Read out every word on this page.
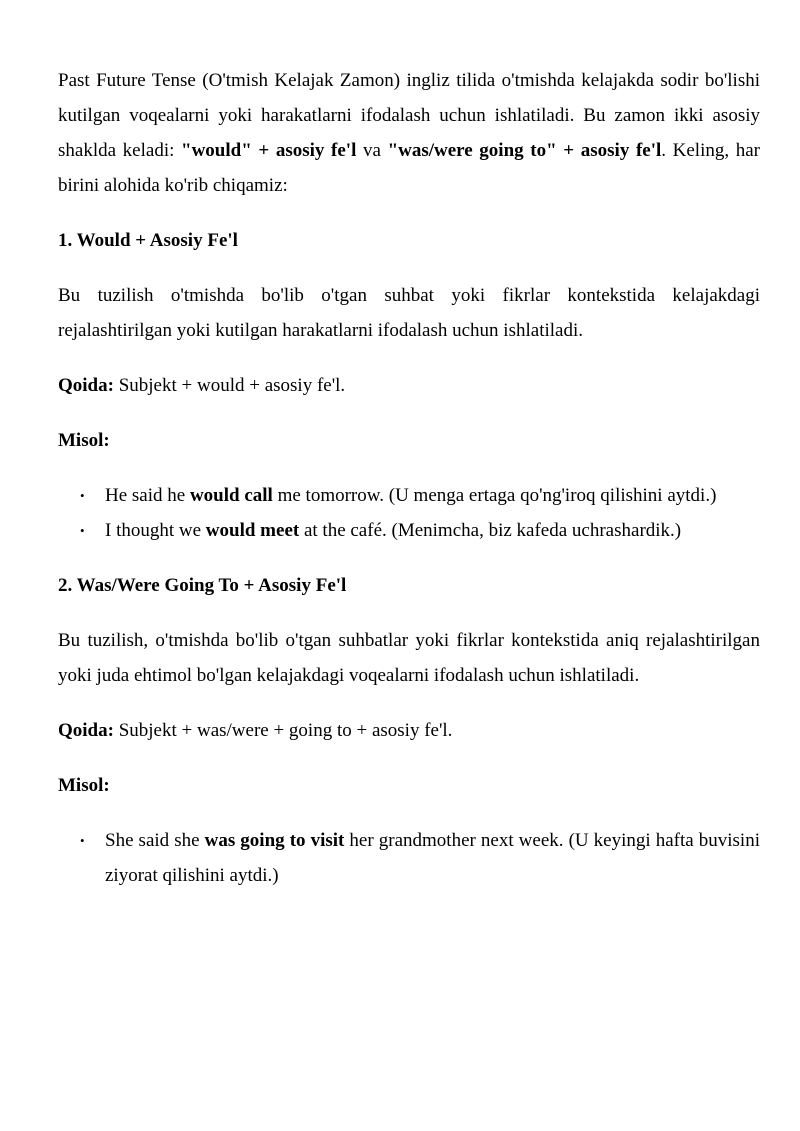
Past Future Tense (O'tmish Kelajak Zamon) ingliz tilida o'tmishda kelajakda sodir bo'lishi kutilgan voqealarni yoki harakatlarni ifodalash uchun ishlatiladi. Bu zamon ikki asosiy shaklda keladi: "would" + asosiy fe'l va "was/were going to" + asosiy fe'l. Keling, har birini alohida ko'rib chiqamiz:

1. Would + Asosiy Fe'l

Bu tuzilish o'tmishda bo'lib o'tgan suhbat yoki fikrlar kontekstida kelajakdagi rejalashtirilgan yoki kutilgan harakatlarni ifodalash uchun ishlatiladi.

Qoida: Subjekt + would + asosiy fe'l.

Misol:

• He said he would call me tomorrow. (U menga ertaga qo'ng'iroq qilishini aytdi.)
• I thought we would meet at the café. (Menimcha, biz kafeda uchrashardik.)
2. Was/Were Going To + Asosiy Fe'l

Bu tuzilish, o'tmishda bo'lib o'tgan suhbatlar yoki fikrlar kontekstida aniq rejalashtirilgan yoki juda ehtimol bo'lgan kelajakdagi voqealarni ifodalash uchun ishlatiladi.

Qoida: Subjekt + was/were + going to + asosiy fe'l.

Misol:

• She said she was going to visit her grandmother next week. (U keyingi hafta buvisini ziyorat qilishini aytdi.)
